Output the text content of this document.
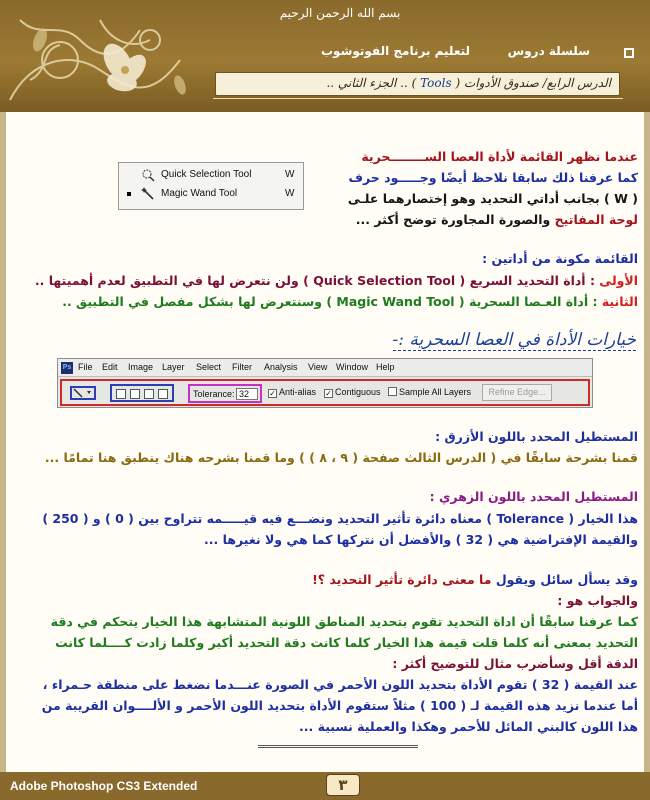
بسم الله الرحمن الرحيم
سلسلة دروس
لتعليم برنامج الفوتوشوب
الدرس الرابع/ صندوق الأدوات ( Tools ) .. الجزء الثاني ..
عندما نظهر القائمة لأداة العصا الســــــــحرية
كما عرفنا ذلك سابقا نلاحظ أيضًا وجـــــود حرف
( W ) بجانب أداتي التحديد وهو إختصارهما علـى
لوحة المفاتيح والصورة المجاورة توضح أكثر ...
Quick Selection Tool	W
Magic Wand Tool	W
القائمة مكونة من أداتين :
الأولى : أداة التحديد السريع ( Quick Selection Tool ) ولن نتعرض لها في التطبيق لعدم أهميتها ..
الثانية : أداة العـصا السحرية ( Magic Wand Tool ) وسنتعرض لها بشكل مفصل في التطبيق ..
خيارات الأداة في العصا السحرية :-
Ps File Edit Image Layer Select Filter Analysis View Window Help
Tolerance: 32	✓ Anti-alias ✓ Contiguous	Sample All Layers	Refine Edge...
المستطيل المحدد باللون الأزرق :
قمنا بشرحة سابقًا في ( الدرس الثالث صفحة ( ٩ ، ٨ ) ) وما قمنا بشرحه هناك ينطبق هنا تمامًا ...
المستطيل المحدد باللون الزهري :
هذا الخيار ( Tolerance ) معناه دائرة تأثير التحديد ونضـــع فيه قيـــــمه تتراوح بين ( 0 ) و ( 250 )
والقيمة الإفتراضية هي ( 32 ) والأفضل أن نتركها كما هي ولا نغيرها ...
وقد يسأل سائل ويقول ما معنى دائرة تأثير التحديد ؟!
والجواب هو :
كما عرفنا سابقًا أن اداة التحديد تقوم بتحديد المناطق اللونية المتشابهة هذا الخيار يتحكم في دقة
التحديد بمعنى أنه كلما قلت قيمة هذا الخيار كلما كانت دقة التحديد أكبر وكلما زادت كــــلما كانت
الدقة أقل وسأضرب مثال للتوضيح أكثر :
عند القيمة ( 32 ) تقوم الأداة بتحديد اللون الأحمر في الصورة عنـــدما نضغط على منطقة حـمراء ،
أما عندما نزيد هذه القيمة لـ ( 100 ) مثلاً ستقوم الأداة بتحديد اللون الأحمر و الألــــوان القريبة من
هذا اللون كالبني المائل للأحمر وهكذا والعملية نسبية ...
Adobe Photoshop CS3 Extended	٣
